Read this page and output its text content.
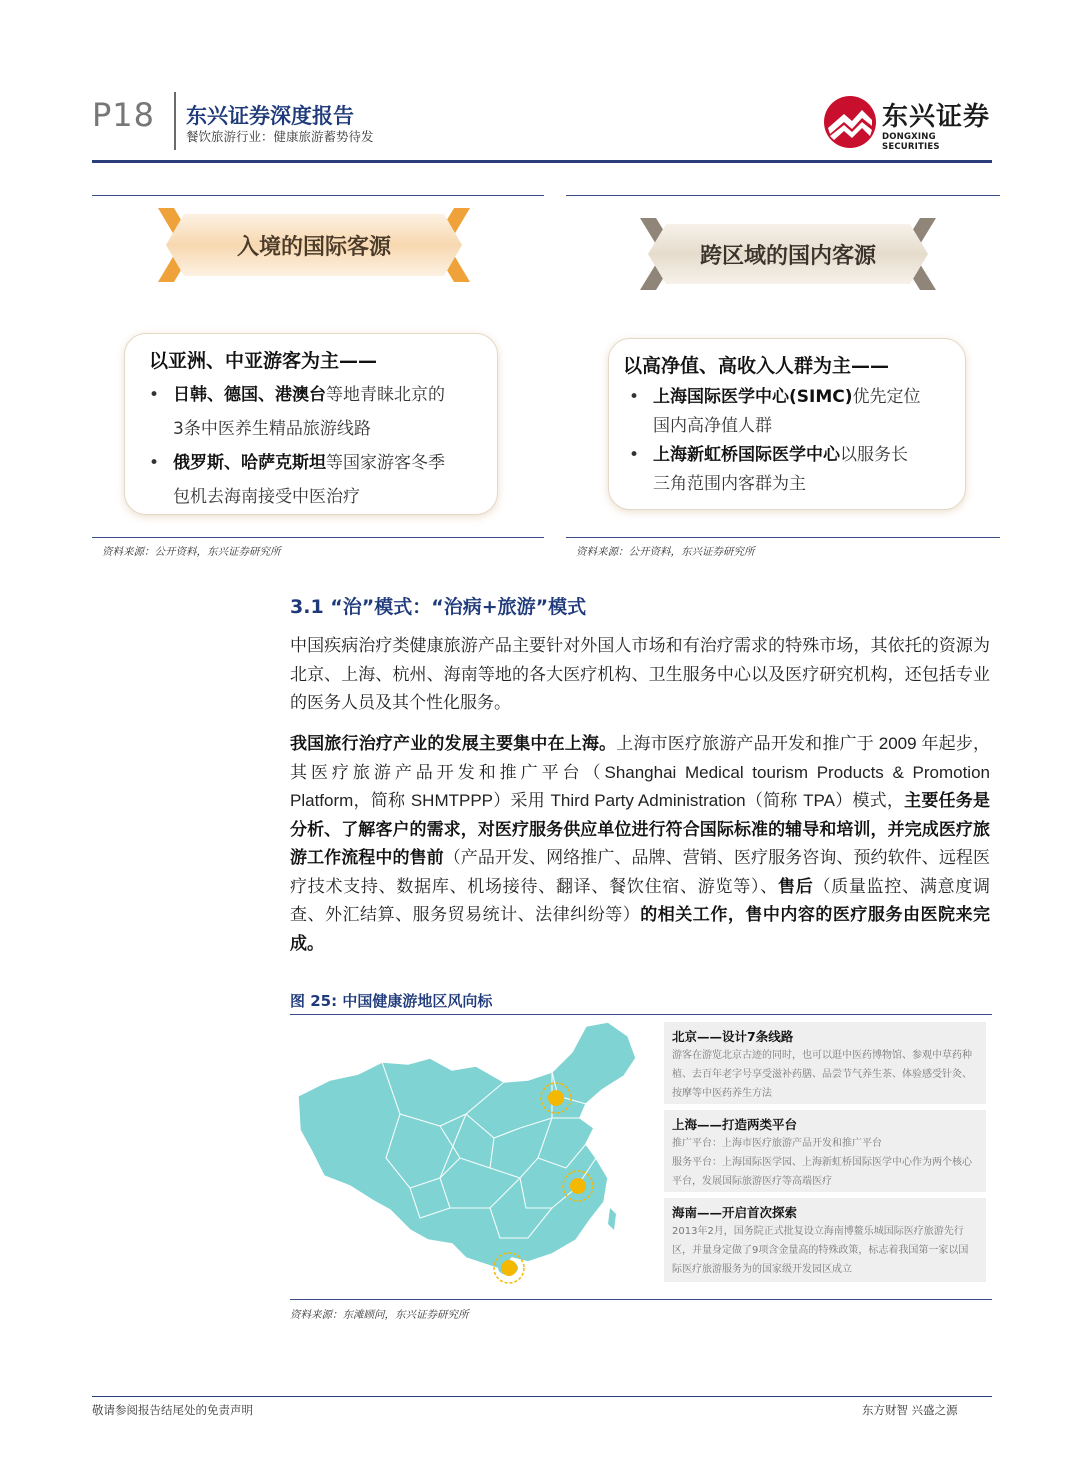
P18 东兴证券深度报告
餐饮旅游行业：健康旅游蓄势待发
东兴证券
DONGXING SECURITIES
入境的国际客源
以亚洲、中亚游客为主——
• 日韩、德国、港澳台等地青睐北京的
3条中医养生精品旅游线路
• 俄罗斯、哈萨克斯坦等国家游客冬季
包机去海南接受中医治疗
资料来源：公开资料，东兴证券研究所
跨区域的国内客源
以高净值、高收入人群为主——
• 上海国际医学中心(SIMC)优先定位
国内高净值人群
• 上海新虹桥国际医学中心以服务长
三角范围内客群为主
资料来源：公开资料，东兴证券研究所
3.1 “治”模式：“治病+旅游”模式
中国疾病治疗类健康旅游产品主要针对外国人市场和有治疗需求的特殊市场，其依托的资源为北京、上海、杭州、海南等地的各大医疗机构、卫生服务中心以及医疗研究机构，还包括专业的医务人员及其个性化服务。
我国旅行治疗产业的发展主要集中在上海。上海市医疗旅游产品开发和推广于 2009 年起步，其医疗旅游产品开发和推广平台（Shanghai Medical tourism Products & Promotion Platform，简称 SHMTPPP）采用 Third Party Administration（简称 TPA）模式，主要任务是分析、了解客户的需求，对医疗服务供应单位进行符合国际标准的辅导和培训，并完成医疗旅游工作流程中的售前（产品开发、网络推广、品牌、营销、医疗服务咨询、预约软件、远程医疗技术支持、数据库、机场接待、翻译、餐饮住宿、游览等）、售后（质量监控、满意度调查、外汇结算、服务贸易统计、法律纠纷等）的相关工作，售中内容的医疗服务由医院来完成。
图 25: 中国健康游地区风向标
北京——设计7条线路
游客在游览北京古迹的同时，也可以逛中医药博物馆、参观中草药种植、去百年老字号享受滋补药膳、品尝节气养生茶、体验感受针灸、按摩等中医药养生方法
上海——打造两类平台
推广平台：上海市医疗旅游产品开发和推广平台
服务平台：上海国际医学园、上海新虹桥国际医学中心作为两个核心平台，发展国际旅游医疗等高端医疗
海南——开启首次探索
2013年2月，国务院正式批复设立海南博鳌乐城国际医疗旅游先行区，并量身定做了9项含金量高的特殊政策，标志着我国第一家以国际医疗旅游服务为的国家级开发园区成立
资料来源：东滩顾问，东兴证券研究所
敬请参阅报告结尾处的免责声明	东方财智 兴盛之源
